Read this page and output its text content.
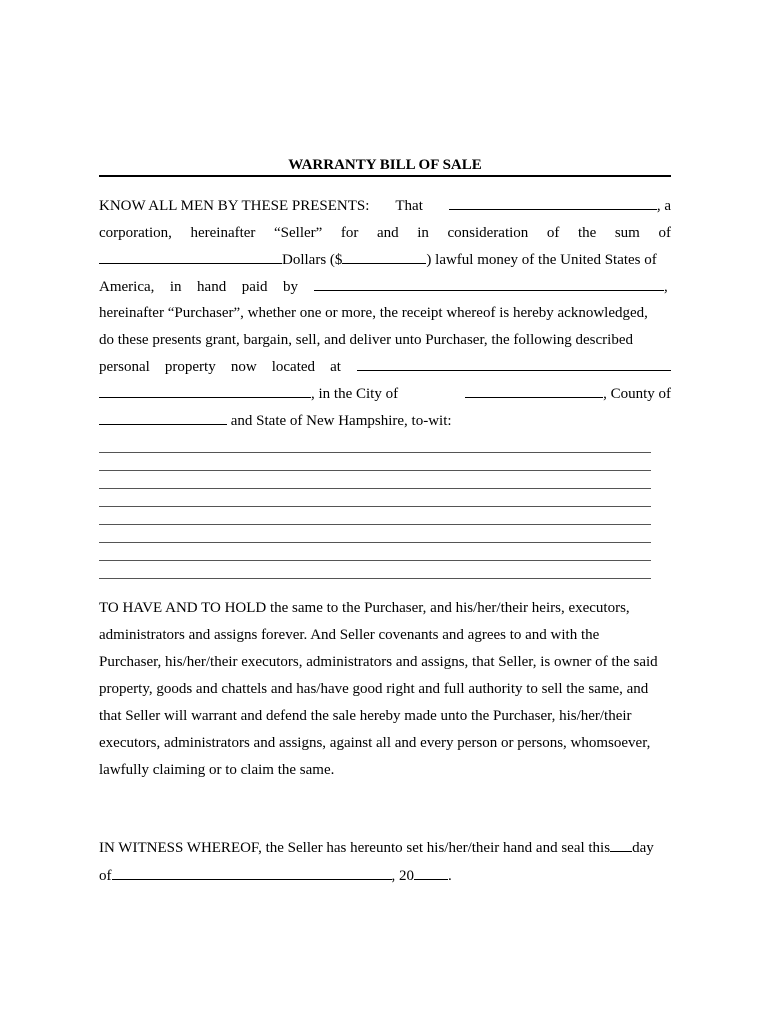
WARRANTY BILL OF SALE
KNOW ALL MEN BY THESE PRESENTS: That	, a
corporation, hereinafter “Seller” for and in consideration of the sum of
Dollars ($	) lawful money of the United States of
America, in hand paid by	,
hereinafter “Purchaser”, whether one or more, the receipt whereof is hereby acknowledged,
do these presents grant, bargain, sell, and deliver unto Purchaser, the following described
personal property now located at
, in the City of	, County of
and State of New Hampshire, to-wit:
TO HAVE AND TO HOLD the same to the Purchaser, and his/her/their heirs, executors,
administrators and assigns forever. And Seller covenants and agrees to and with the
Purchaser, his/her/their executors, administrators and assigns, that Seller, is owner of the said
property, goods and chattels and has/have good right and full authority to sell the same, and
that Seller will warrant and defend the sale hereby made unto the Purchaser, his/her/their
executors, administrators and assigns, against all and every person or persons, whomsoever,
lawfully claiming or to claim the same.
IN WITNESS WHEREOF, the Seller has hereunto set his/her/their hand and seal this day
of	, 20 .
